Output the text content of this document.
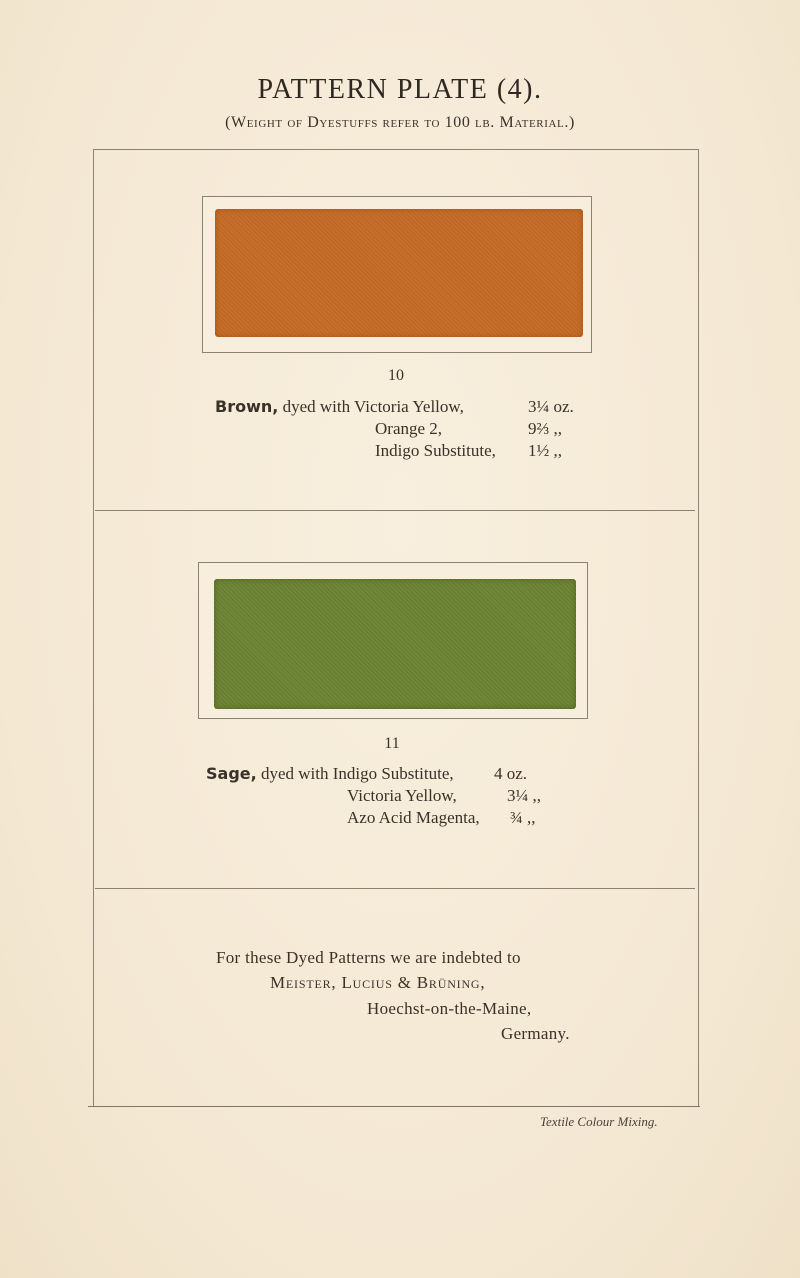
PATTERN PLATE (4).
(Weight of Dyestuffs refer to 100 lb. Material.)
10
Brown, dyed with Victoria Yellow,	3¼ oz.
Orange 2,	9⅔ ,,
Indigo Substitute, 1½ ,,
11
Sage, dyed with Indigo Substitute, 4 oz.
Victoria Yellow,	3¼ ,,
Azo Acid Magenta, ¾ ,,
For these Dyed Patterns we are indebted to
Meister, Lucius & Brüning,
Hoechst-on-the-Maine,
Germany.
Textile Colour Mixing.
